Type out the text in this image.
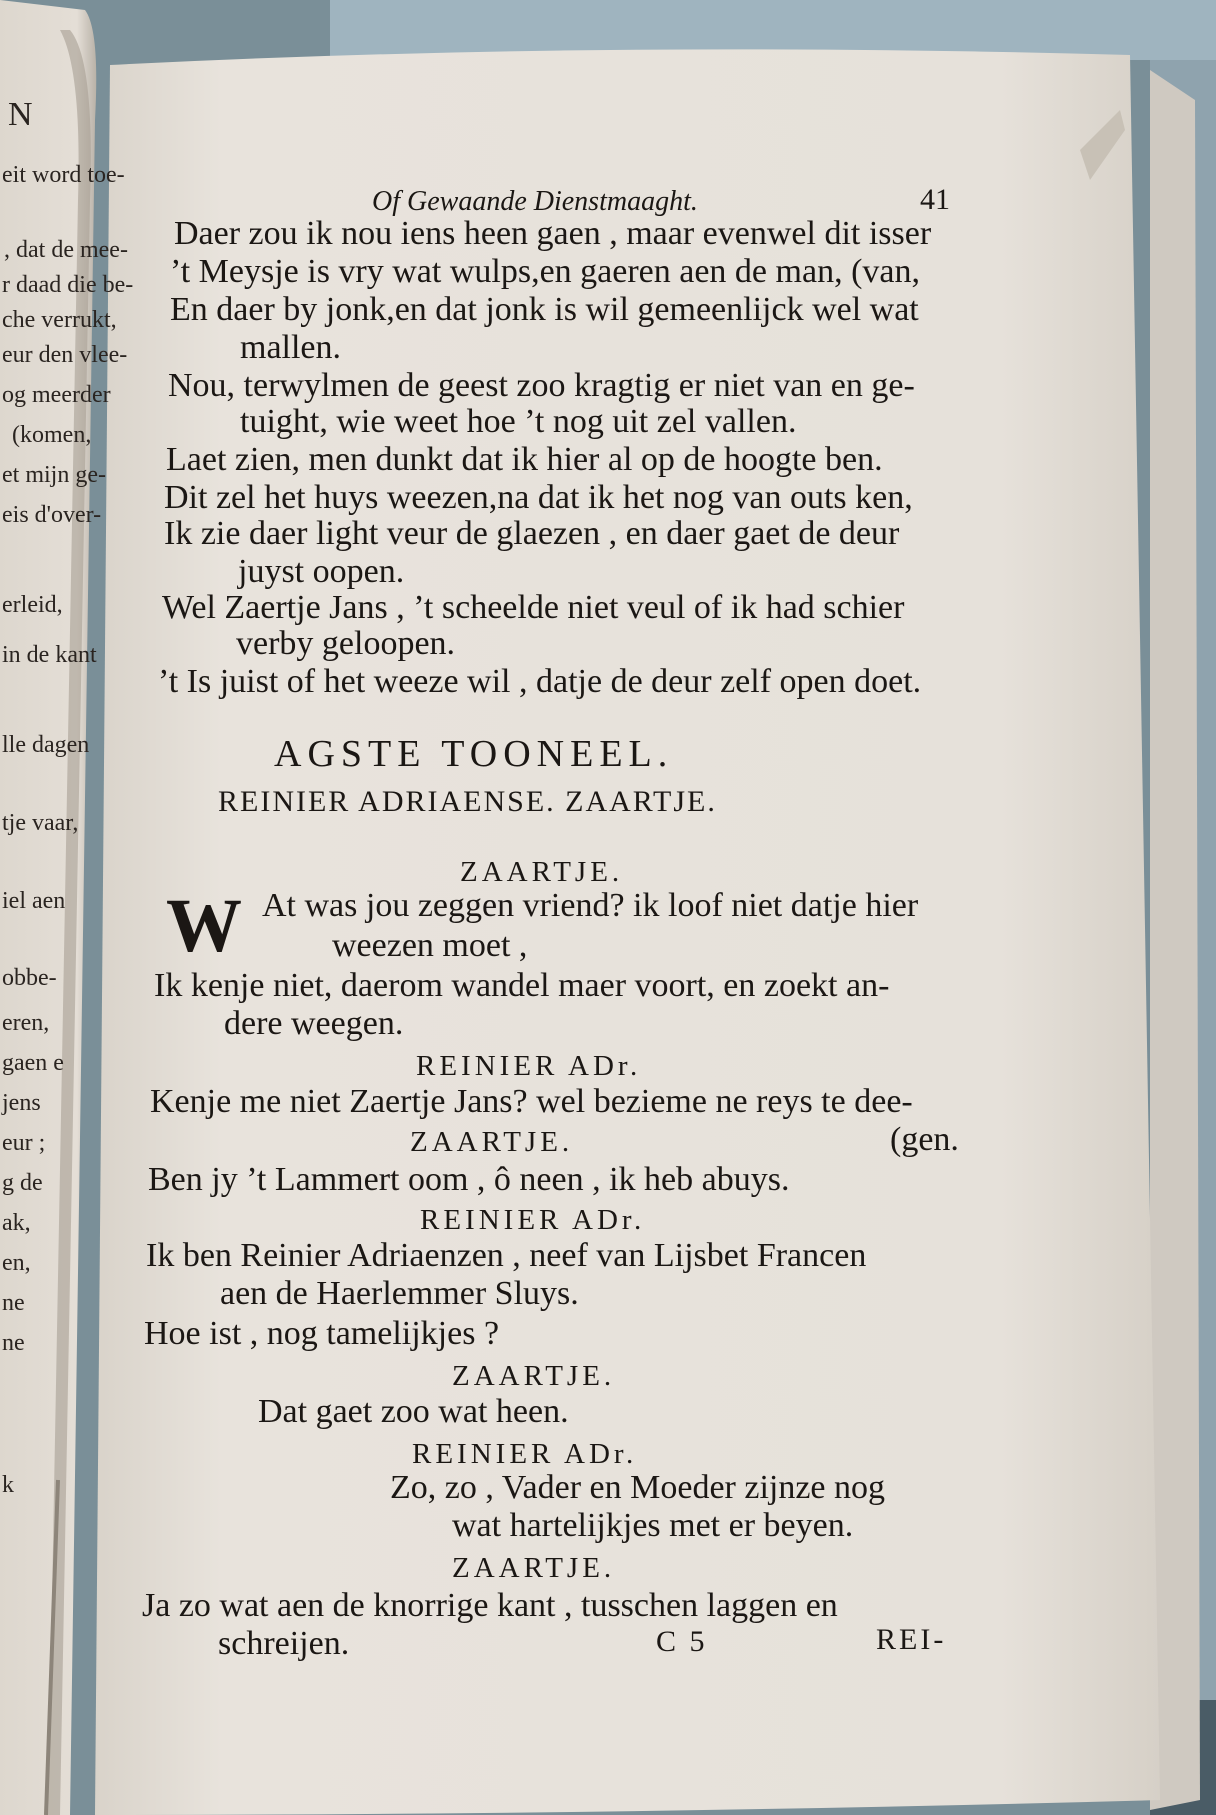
N
eit word toe-
, dat de mee-
r daad die be-
che verrukt,
eur den vlee-
og meerder
(komen,
et mijn ge-
eis d'over-
erleid,
in de kant
lle dagen
tje vaar,
iel aen
obbe-
eren,
gaen e
jens
eur ;
g de
ak,
en,
ne
ne
k
Of Gewaande Dienstmaaght.	41
Daer zou ik nou iens heen gaen , maar evenwel dit isser
’t Meysje is vry wat wulps,en gaeren aen de man, (van,
En daer by jonk,en dat jonk is wil gemeenlijck wel wat
mallen.
Nou, terwylmen de geest zoo kragtig er niet van en ge-
tuight, wie weet hoe ’t nog uit zel vallen.
Laet zien, men dunkt dat ik hier al op de hoogte ben.
Dit zel het huys weezen,na dat ik het nog van outs ken,
Ik zie daer light veur de glaezen , en daer gaet de deur
juyst oopen.
Wel Zaertje Jans , ’t scheelde niet veul of ik had schier
verby geloopen.
’t Is juist of het weeze wil , datje de deur zelf open doet.
AGSTE TOONEEL.
REINIER ADRIAENSE. ZAARTJE.
ZAARTJE.
W At was jou zeggen vriend? ik loof niet datje hier
weezen moet ,
Ik kenje niet, daerom wandel maer voort, en zoekt an-
dere weegen.
REINIER ADr.
Kenje me niet Zaertje Jans? wel bezieme ne reys te dee-
ZAARTJE.	(gen.
Ben jy ’t Lammert oom , ô neen , ik heb abuys.
REINIER ADr.
Ik ben Reinier Adriaenzen , neef van Lijsbet Francen
aen de Haerlemmer Sluys.
Hoe ist , nog tamelijkjes ?
ZAARTJE.
Dat gaet zoo wat heen.
REINIER ADr.
Zo, zo , Vader en Moeder zijnze nog
wat hartelijkjes met er beyen.
ZAARTJE.
Ja zo wat aen de knorrige kant , tusschen laggen en
schreijen.	C 5	REI-
